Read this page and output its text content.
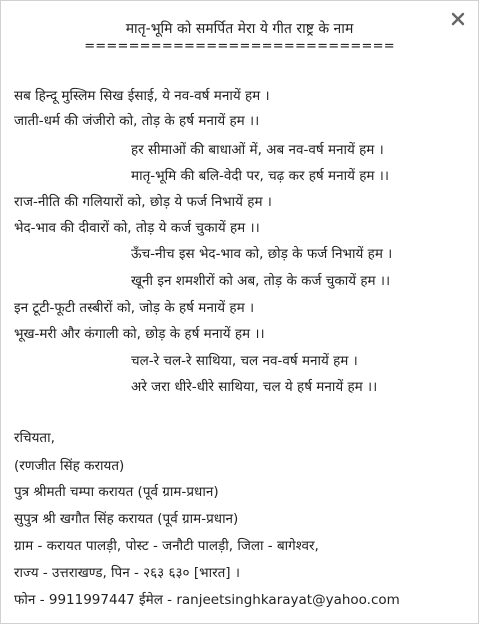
मातृ-भूमि को समर्पित मेरा ये गीत राष्ट्र के नाम
============================
सब हिन्दू मुस्लिम सिख ईसाई, ये नव-वर्ष मनायें हम ।
जाती-धर्म की जंजीरो को, तोड़ के हर्ष मनायें हम ।।
हर सीमाओं की बाधाओं में, अब नव-वर्ष मनायें हम ।
मातृ-भूमि की बलि-वेदी पर, चढ़ कर हर्ष मनायें हम ।।
राज-नीति की गलियारों को, छोड़ ये फर्ज निभायें हम ।
भेद-भाव की दीवारों को, तोड़ ये कर्ज चुकायें हम ।।
ऊँच-नीच इस भेद-भाव को, छोड़ के फर्ज निभायें हम ।
खूनी इन शमशीरों को अब, तोड़ के कर्ज चुकायें हम ।।
इन टूटी-फूटी तस्बीरों को, जोड़ के हर्ष मनायें हम ।
भूख-मरी और कंगाली को, छोड़ के हर्ष मनायें हम ।।
चल-रे चल-रे साथिया, चल नव-वर्ष मनायें हम ।
अरे जरा धीरे-धीरे साथिया, चल ये हर्ष मनायें हम ।।
रचियता,
(रणजीत सिंह करायत)
पुत्र श्रीमती चम्पा करायत (पूर्व ग्राम-प्रधान)
सुपुत्र श्री खगौत सिंह करायत (पूर्व ग्राम-प्रधान)
ग्राम - करायत पालड़ी, पोस्ट - जनौटी पालड़ी, जिला - बागेश्वर,
राज्य - उत्तराखण्ड, पिन - २६३ ६३० [भारत] ।
फोन - 9911997447 ईमेल - ranjeetsinghkarayat@yahoo.com
